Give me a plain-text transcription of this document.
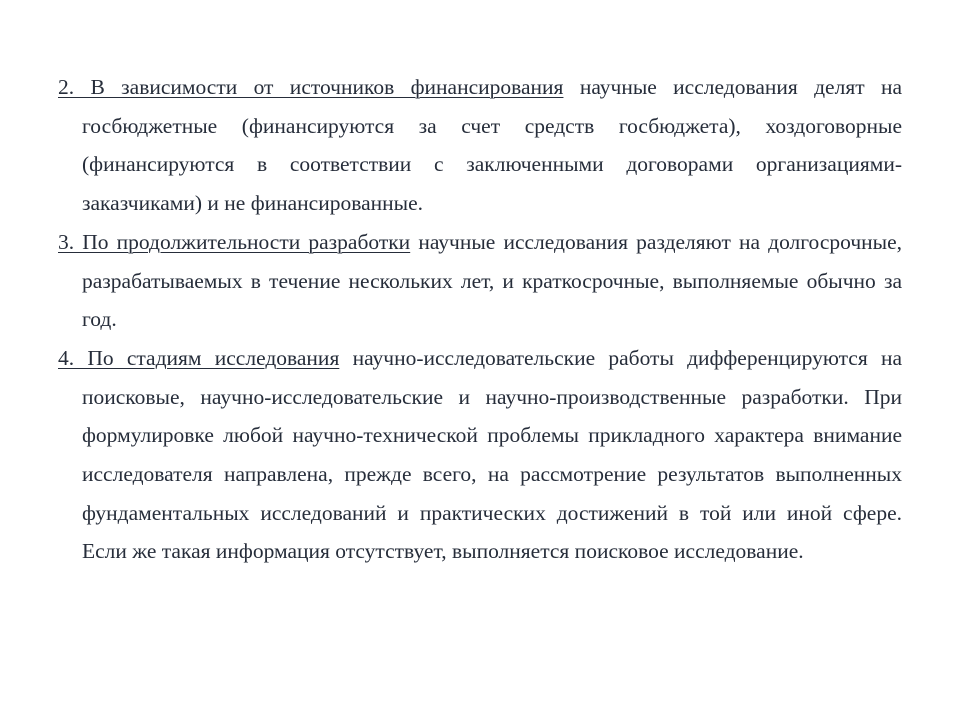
2. В зависимости от источников финансирования научные исследования делят на госбюджетные (финансируются за счет средств госбюджета), хоздоговорные (финансируются в соответствии с заключенными договорами организациями-заказчиками) и не финансированные.

3. По продолжительности разработки научные исследования разделяют на долгосрочные, разрабатываемых в течение нескольких лет, и краткосрочные, выполняемые обычно за год.

4. По стадиям исследования научно-исследовательские работы дифференцируются на поисковые, научно-исследовательские и научно-производственные разработки. При формулировке любой научно-технической проблемы прикладного характера внимание исследователя направлена, прежде всего, на рассмотрение результатов выполненных фундаментальных исследований и практических достижений в той или иной сфере. Если же такая информация отсутствует, выполняется поисковое исследование.
